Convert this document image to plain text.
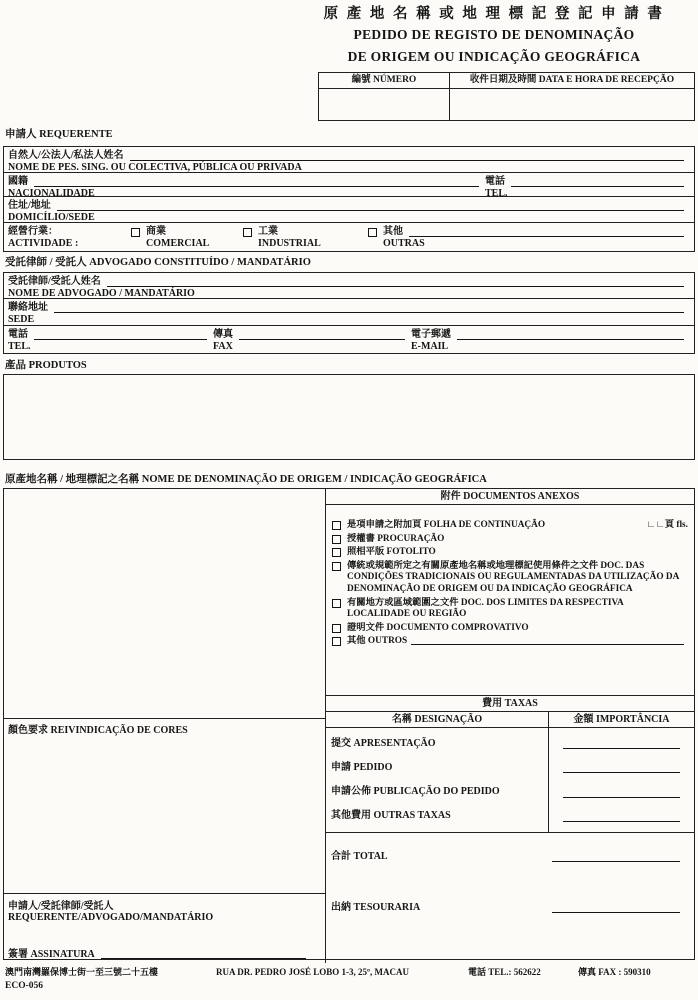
原 產 地 名 稱 或 地 理 標 記 登 記 申 請 書
PEDIDO DE REGISTO DE DENOMINAÇÃO
DE ORIGEM OU INDICAÇÃO GEOGRÁFICA
編號 NÚMERO	收件日期及時間 DATA E HORA DE RECEPÇÃO
申請人 REQUERENTE
自然人/公法人/私法人姓名
NOME DE PES. SING. OU COLECTIVA, PÚBLICA OU PRIVADA
國籍	電話
NACIONALIDADE	TEL.
住址/地址
DOMICÍLIO/SEDE
經營行業：	商業	工業	其他
ACTIVIDADE :	COMERCIAL	INDUSTRIAL	OUTRAS
受託律師 / 受託人 ADVOGADO CONSTITUÍDO / MANDATÁRIO
受託律師/受託人姓名
NOME DE ADVOGADO / MANDATÁRIO
聯絡地址
SEDE
電話	傳真	電子郵遞
TEL.	FAX	E-MAIL
產品 PRODUTOS
原產地名稱 / 地理標記之名稱 NOME DE DENOMINAÇÃO DE ORIGEM / INDICAÇÃO GEOGRÁFICA
顏色要求 REIVINDICAÇÃO DE CORES
申請人/受託律師/受託人 REQUERENTE/ADVOGADO/MANDATÁRIO
簽署 ASSINATURA
附件 DOCUMENTOS ANEXOS
是項申請之附加頁 FOLHA DE CONTINUAÇÃO	∟∟頁 fls.
授權書 PROCURAÇÃO
照相平版 FOTOLITO
傳統或規範所定之有關原產地名稱或地理標記使用條件之文件 DOC. DAS CONDIÇÕES TRADICIONAIS OU REGULAMENTADAS DA UTILIZAÇÃO DA DENOMINAÇÃO DE ORIGEM OU DA INDICAÇÃO GEOGRÁFICA
有關地方或區域範圍之文件 DOC. DOS LIMITES DA RESPECTIVA LOCALIDADE OU REGIÃO
證明文件 DOCUMENTO COMPROVATIVO
其他 OUTROS
費用 TAXAS
名稱 DESIGNAÇÃO	金額 IMPORTÂNCIA
提交 APRESENTAÇÃO
申請 PEDIDO
申請公佈 PUBLICAÇÃO DO PEDIDO
其他費用 OUTRAS TAXAS
合計 TOTAL
出納 TESOURARIA
澳門南灣羅保博士街一至三號二十五樓	RUA DR. PEDRO JOSÉ LOBO 1-3, 25º, MACAU	電話 TEL.: 562622	傳真 FAX : 590310
ECO-056
